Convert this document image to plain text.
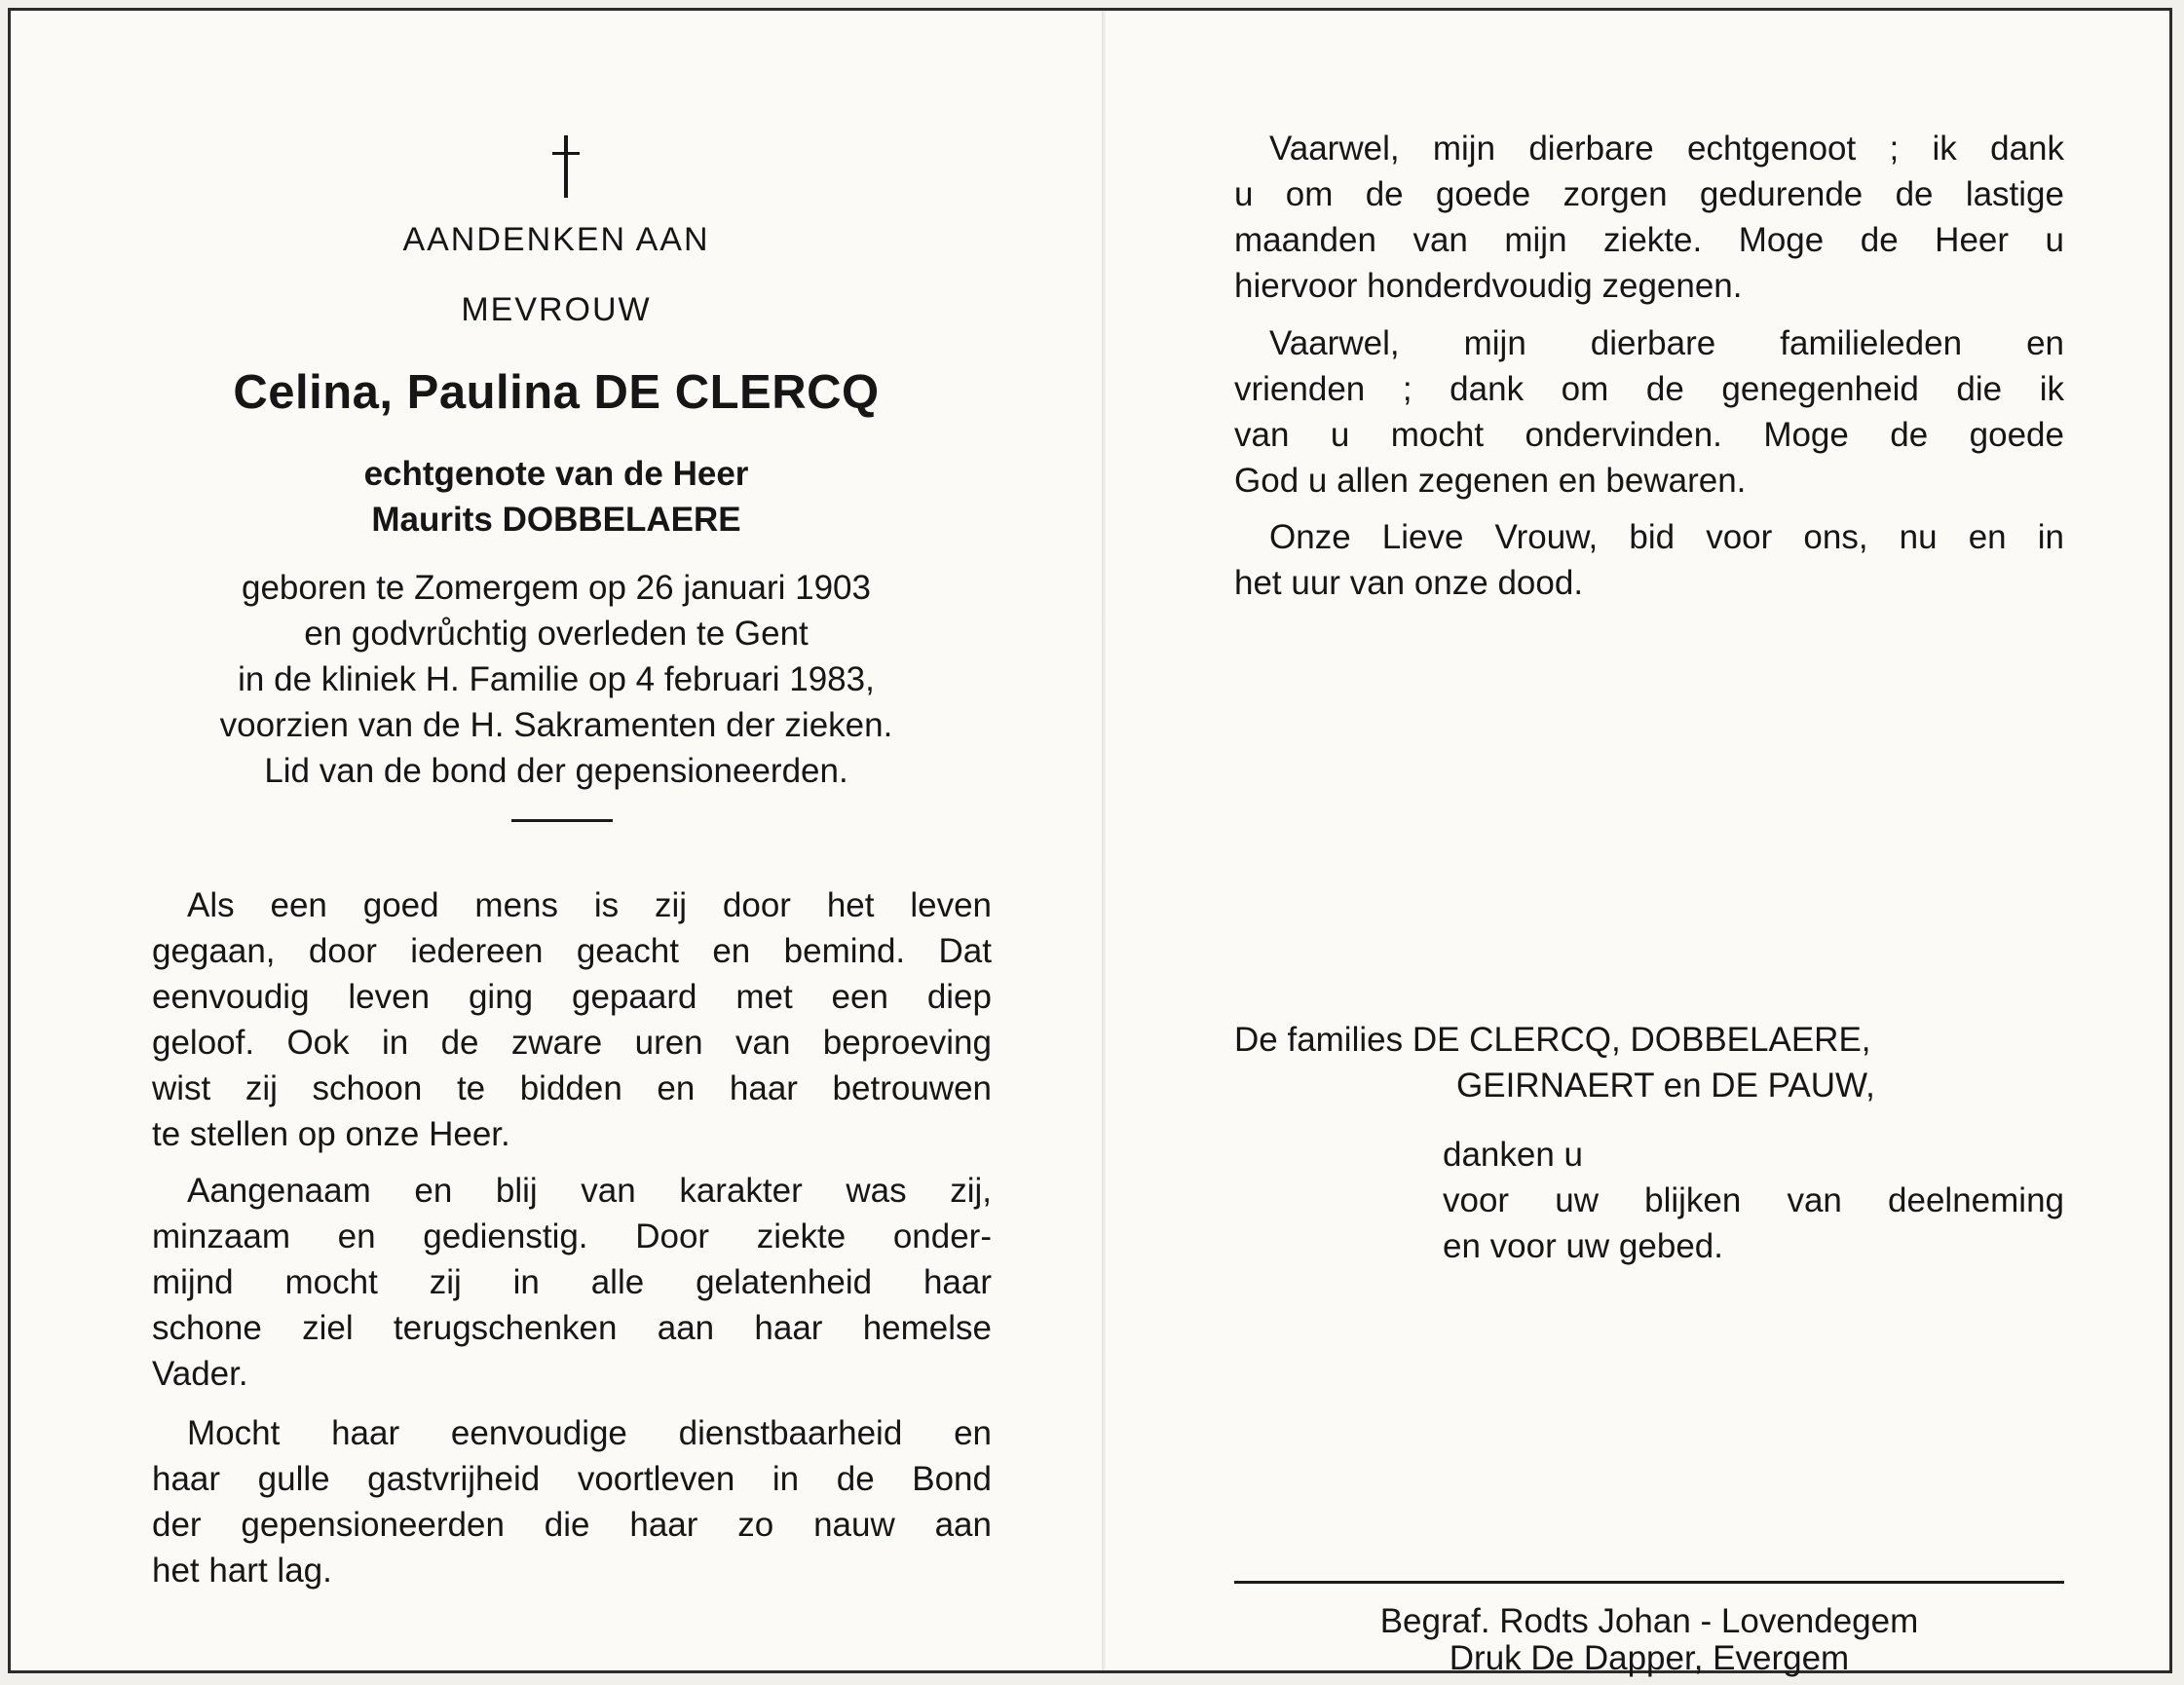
AANDENKEN AAN
MEVROUW
Celina, Paulina DE CLERCQ
echtgenote van de Heer
Maurits DOBBELAERE
geboren te Zomergem op 26 januari 1903
en godvrůchtig overleden te Gent
in de kliniek H. Familie op 4 februari 1983,
voorzien van de H. Sakramenten der zieken.
Lid van de bond der gepensioneerden.
Als een goed mens is zij door het leven
gegaan, door iedereen geacht en bemind. Dat
eenvoudig leven ging gepaard met een diep
geloof. Ook in de zware uren van beproeving
wist zij schoon te bidden en haar betrouwen
te stellen op onze Heer.
Aangenaam en blij van karakter was zij,
minzaam en gedienstig. Door ziekte onder-
mijnd mocht zij in alle gelatenheid haar
schone ziel terugschenken aan haar hemelse
Vader.
Mocht haar eenvoudige dienstbaarheid en
haar gulle gastvrijheid voortleven in de Bond
der gepensioneerden die haar zo nauw aan
het hart lag.
Vaarwel, mijn dierbare echtgenoot ; ik dank
u om de goede zorgen gedurende de lastige
maanden van mijn ziekte. Moge de Heer u
hiervoor honderdvoudig zegenen.
Vaarwel, mijn dierbare familieleden en
vrienden ; dank om de genegenheid die ik
van u mocht ondervinden. Moge de goede
God u allen zegenen en bewaren.
Onze Lieve Vrouw, bid voor ons, nu en in
het uur van onze dood.
De families DE CLERCQ, DOBBELAERE,
GEIRNAERT en DE PAUW,
danken u
voor uw blijken van deelneming
en voor uw gebed.
Begraf. Rodts Johan - Lovendegem
Druk De Dapper, Evergem
